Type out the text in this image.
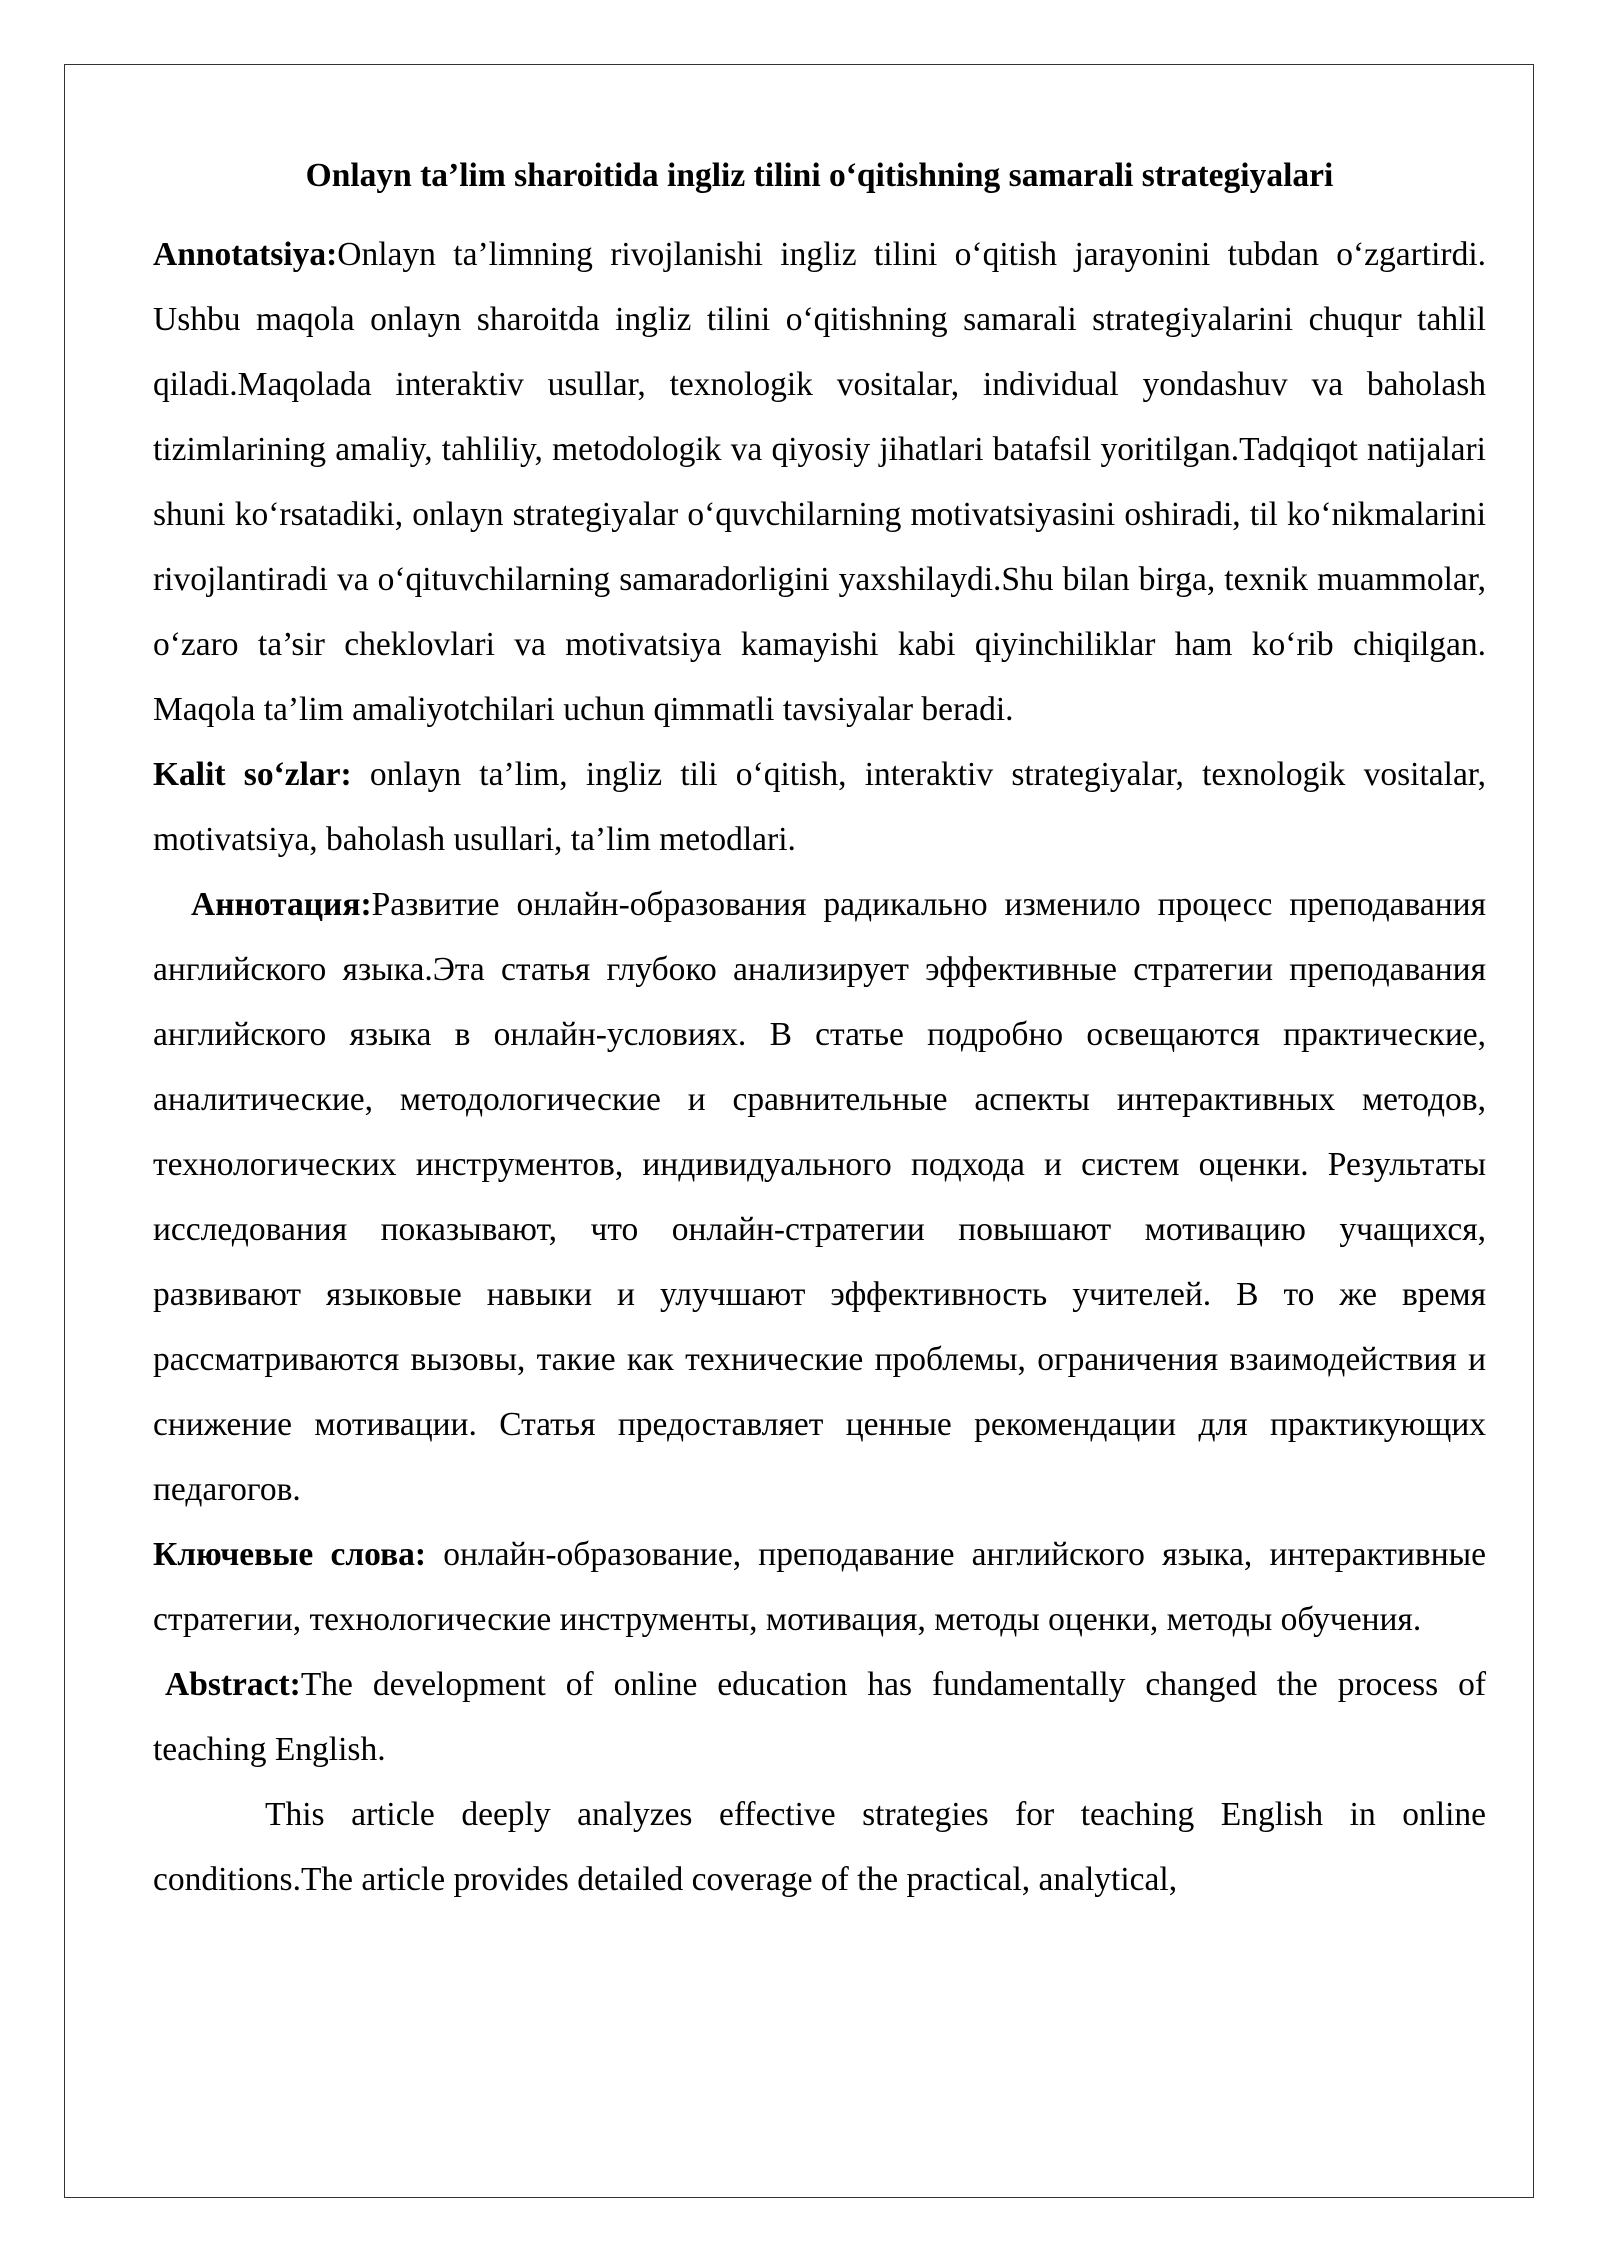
Onlayn ta’lim sharoitida ingliz tilini o‘qitishning samarali strategiyalari

Annotatsiya:Onlayn ta’limning rivojlanishi ingliz tilini o‘qitish jarayonini tubdan o‘zgartirdi. Ushbu maqola onlayn sharoitda ingliz tilini o‘qitishning samarali strategiyalarini chuqur tahlil qiladi.Maqolada interaktiv usullar, texnologik vositalar, individual yondashuv va baholash tizimlarining amaliy, tahliliy, metodologik va qiyosiy jihatlari batafsil yoritilgan.Tadqiqot natijalari shuni ko‘rsatadiki, onlayn strategiyalar o‘quvchilarning motivatsiyasini oshiradi, til ko‘nikmalarini rivojlantiradi va o‘qituvchilarning samaradorligini yaxshilaydi.Shu bilan birga, texnik muammolar, o‘zaro ta’sir cheklovlari va motivatsiya kamayishi kabi qiyinchiliklar ham ko‘rib chiqilgan. Maqola ta’lim amaliyotchilari uchun qimmatli tavsiyalar beradi.

Kalit so‘zlar: onlayn ta’lim, ingliz tili o‘qitish, interaktiv strategiyalar, texnologik vositalar, motivatsiya, baholash usullari, ta’lim metodlari.

Аннотация:Развитие онлайн-образования радикально изменило процесс преподавания английского языка.Эта статья глубоко анализирует эффективные стратегии преподавания английского языка в онлайн-условиях. В статье подробно освещаются практические, аналитические, методологические и сравнительные аспекты интерактивных методов, технологических инструментов, индивидуального подхода и систем оценки. Результаты исследования показывают, что онлайн-стратегии повышают мотивацию учащихся, развивают языковые навыки и улучшают эффективность учителей. В то же время рассматриваются вызовы, такие как технические проблемы, ограничения взаимодействия и снижение мотивации. Статья предоставляет ценные рекомендации для практикующих педагогов.

Ключевые слова: онлайн-образование, преподавание английского языка, интерактивные стратегии, технологические инструменты, мотивация, методы оценки, методы обучения.

Abstract:The development of online education has fundamentally changed the process of teaching English.

This article deeply analyzes effective strategies for teaching English in online conditions.The article provides detailed coverage of the practical, analytical,
